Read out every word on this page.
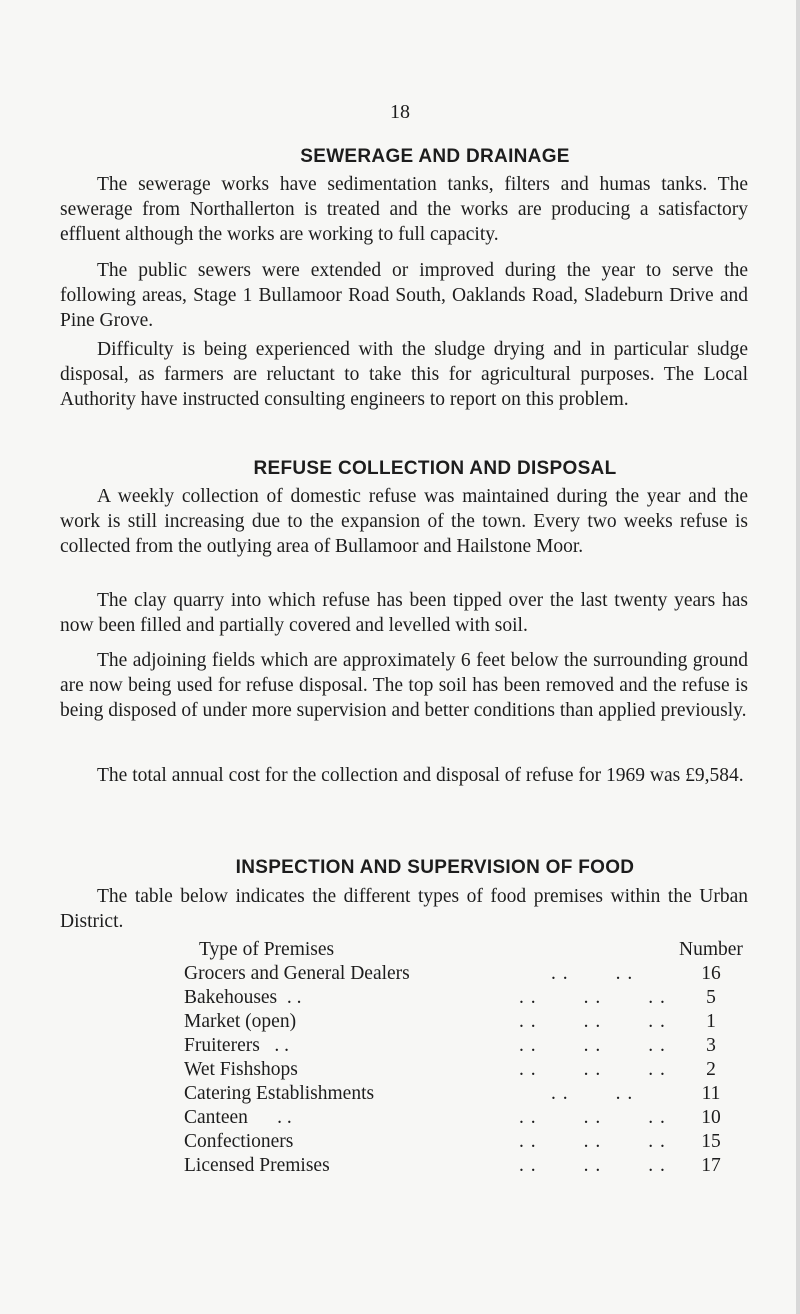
18
SEWERAGE AND DRAINAGE

The sewerage works have sedimentation tanks, filters and humas tanks. The sewerage from Northallerton is treated and the works are producing a satisfactory effluent although the works are working to full capacity.

The public sewers were extended or improved during the year to serve the following areas, Stage 1 Bullamoor Road South, Oaklands Road, Sladeburn Drive and Pine Grove.

Difficulty is being experienced with the sludge drying and in particular sludge disposal, as farmers are reluctant to take this for agricultural purposes. The Local Authority have instructed consulting engineers to report on this problem.

REFUSE COLLECTION AND DISPOSAL

A weekly collection of domestic refuse was maintained during the year and the work is still increasing due to the expansion of the town. Every two weeks refuse is collected from the outlying area of Bullamoor and Hailstone Moor.

The clay quarry into which refuse has been tipped over the last twenty years has now been filled and partially covered and levelled with soil.

The adjoining fields which are approximately 6 feet below the surrounding ground are now being used for refuse disposal. The top soil has been removed and the refuse is being disposed of under more supervision and better conditions than applied previously.

The total annual cost for the collection and disposal of refuse for 1969 was £9,584.

INSPECTION AND SUPERVISION OF FOOD

The table below indicates the different types of food premises within the Urban District.

Type of Premises		Number
Grocers and General Dealers	. .        . .	16
Bakehouses  . .	. .        . .        . .	5
Market (open)	. .        . .        . .	1
Fruiterers   . .	. .        . .        . .	3
Wet Fishshops	. .        . .        . .	2
Catering Establishments	. .        . .	11
Canteen      . .	. .        . .        . .	10
Confectioners	. .        . .        . .	15
Licensed Premises	. .        . .        . .	17
